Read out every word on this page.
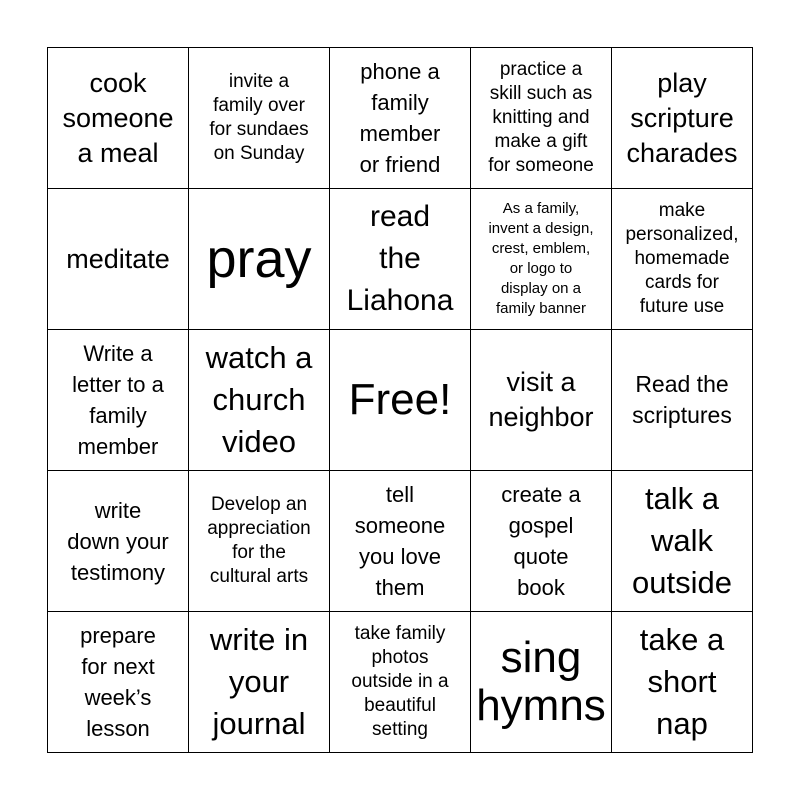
cook
someone
a meal
invite a
family over
for sundaes
on Sunday
phone a
family
member
or friend
practice a
skill such as
knitting and
make a gift
for someone
play
scripture
charades
meditate pray
read
the
Liahona
As a family,
invent a design,
crest, emblem,
or logo to
display on a
family banner
make
personalized,
homemade
cards for
future use
Write a
letter to a
family
member
watch a
church
video
Free!	visit a
neighbor
Read the
scriptures
write
down your
testimony
Develop an
appreciation
for the
cultural arts
tell
someone
you love
them
create a
gospel
quote
book
talk a
walk
outside
prepare
for next
week’s
lesson
write in
your
journal
take family
photos
outside in a
beautiful
setting
sing
hymns
take a
short
nap
